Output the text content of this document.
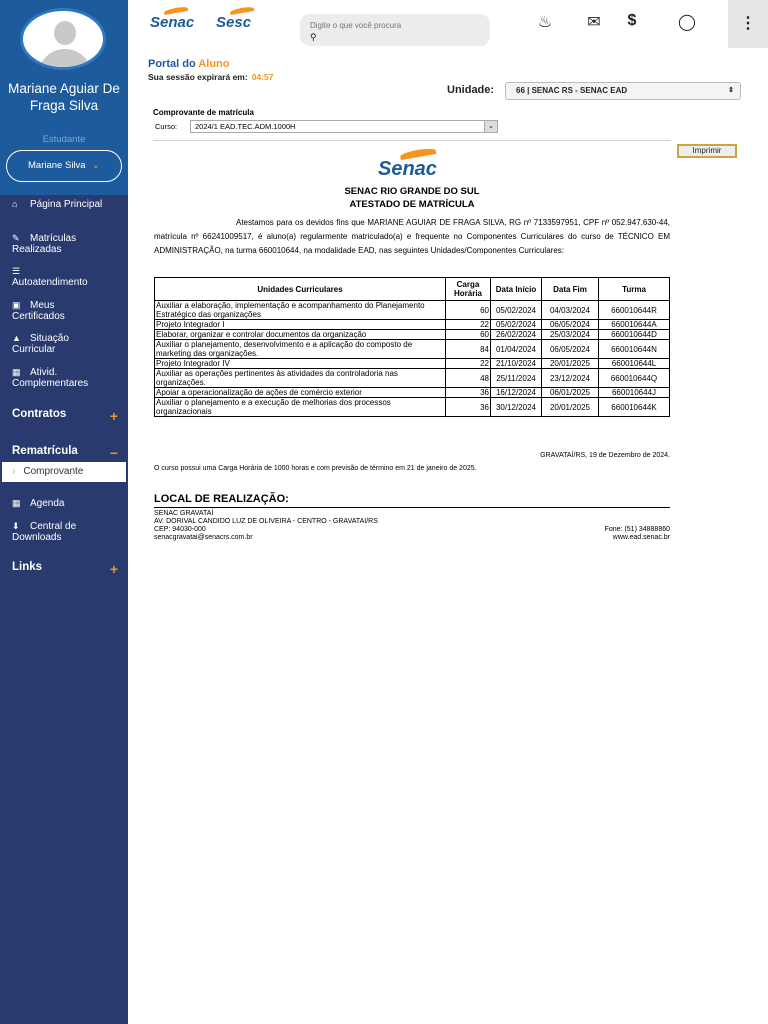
Mariane Aguiar De Fraga Silva
Estudante
Mariane Silva ⌄
⌂ Página Principal
✎ Matrículas Realizadas
☰
Autoatendimento
▣ Meus Certificados
▲ Situação Curricular
▦ Ativid. Complementares
Contratos	+
Rematrícula −
› Comprovante
▦ Agenda
⬇ Central de Downloads
Links	+
Senac Sesc
Digite o que você procura
⚲
♨ ✉	$	◯	⋮
Portal do Aluno
Sua sessão expirará em: 04:57
Unidade:	66 | SENAC RS - SENAC EAD	⇕
Comprovante de matrícula
Curso:	2024/1 EAD.TEC.ADM.1000H	⌄
Imprimir
Senac
SENAC RIO GRANDE DO SUL
ATESTADO DE MATRÍCULA
Atestamos para os devidos fins que MARIANE AGUIAR DE FRAGA SILVA, RG nº 7133597951, CPF nº 052.947.630-44, matrícula nº 66241009517, é aluno(a) regularmente matriculado(a) e frequente no Componentes Curriculares do curso de TÉCNICO EM ADMINISTRAÇÃO, na turma 660010644, na modalidade EAD, nas seguintes Unidades/Componentes Curriculares:
Unidades Curriculares	Carga Horária	Data Início	Data Fim	Turma
Auxiliar a elaboração, implementação e acompanhamento do Planejamento Estratégico das organizações	60	05/02/2024	04/03/2024	660010644R
Projeto Integrador I	22	05/02/2024	06/05/2024	660010644A
Elaborar, organizar e controlar documentos da organização	60	26/02/2024	25/03/2024	660010644D
Auxiliar o planejamento, desenvolvimento e a aplicação do composto de marketing das organizações.	84	01/04/2024	06/05/2024	660010644N
Projeto Integrador IV	22	21/10/2024	20/01/2025	660010644L
Auxiliar as operações pertinentes às atividades da controladoria nas organizações.	48	25/11/2024	23/12/2024	660010644Q
Apoiar a operacionalização de ações de comércio exterior	36	16/12/2024	06/01/2025	660010644J
Auxiliar o planejamento e a execução de melhorias dos processos organizacionais	36	30/12/2024	20/01/2025	660010644K
GRAVATAÍ/RS, 19 de Dezembro de 2024.
O curso possui uma Carga Horária de 1000 horas e com previsão de término em 21 de janeiro de 2025.
LOCAL DE REALIZAÇÃO:
SENAC GRAVATAÍ
AV. DORIVAL CANDIDO LUZ DE OLIVEIRA - CENTRO - GRAVATAI/RS
CEP: 94030-000
senacgravatai@senacrs.com.br
Fone: (51) 34888860
www.ead.senac.br
